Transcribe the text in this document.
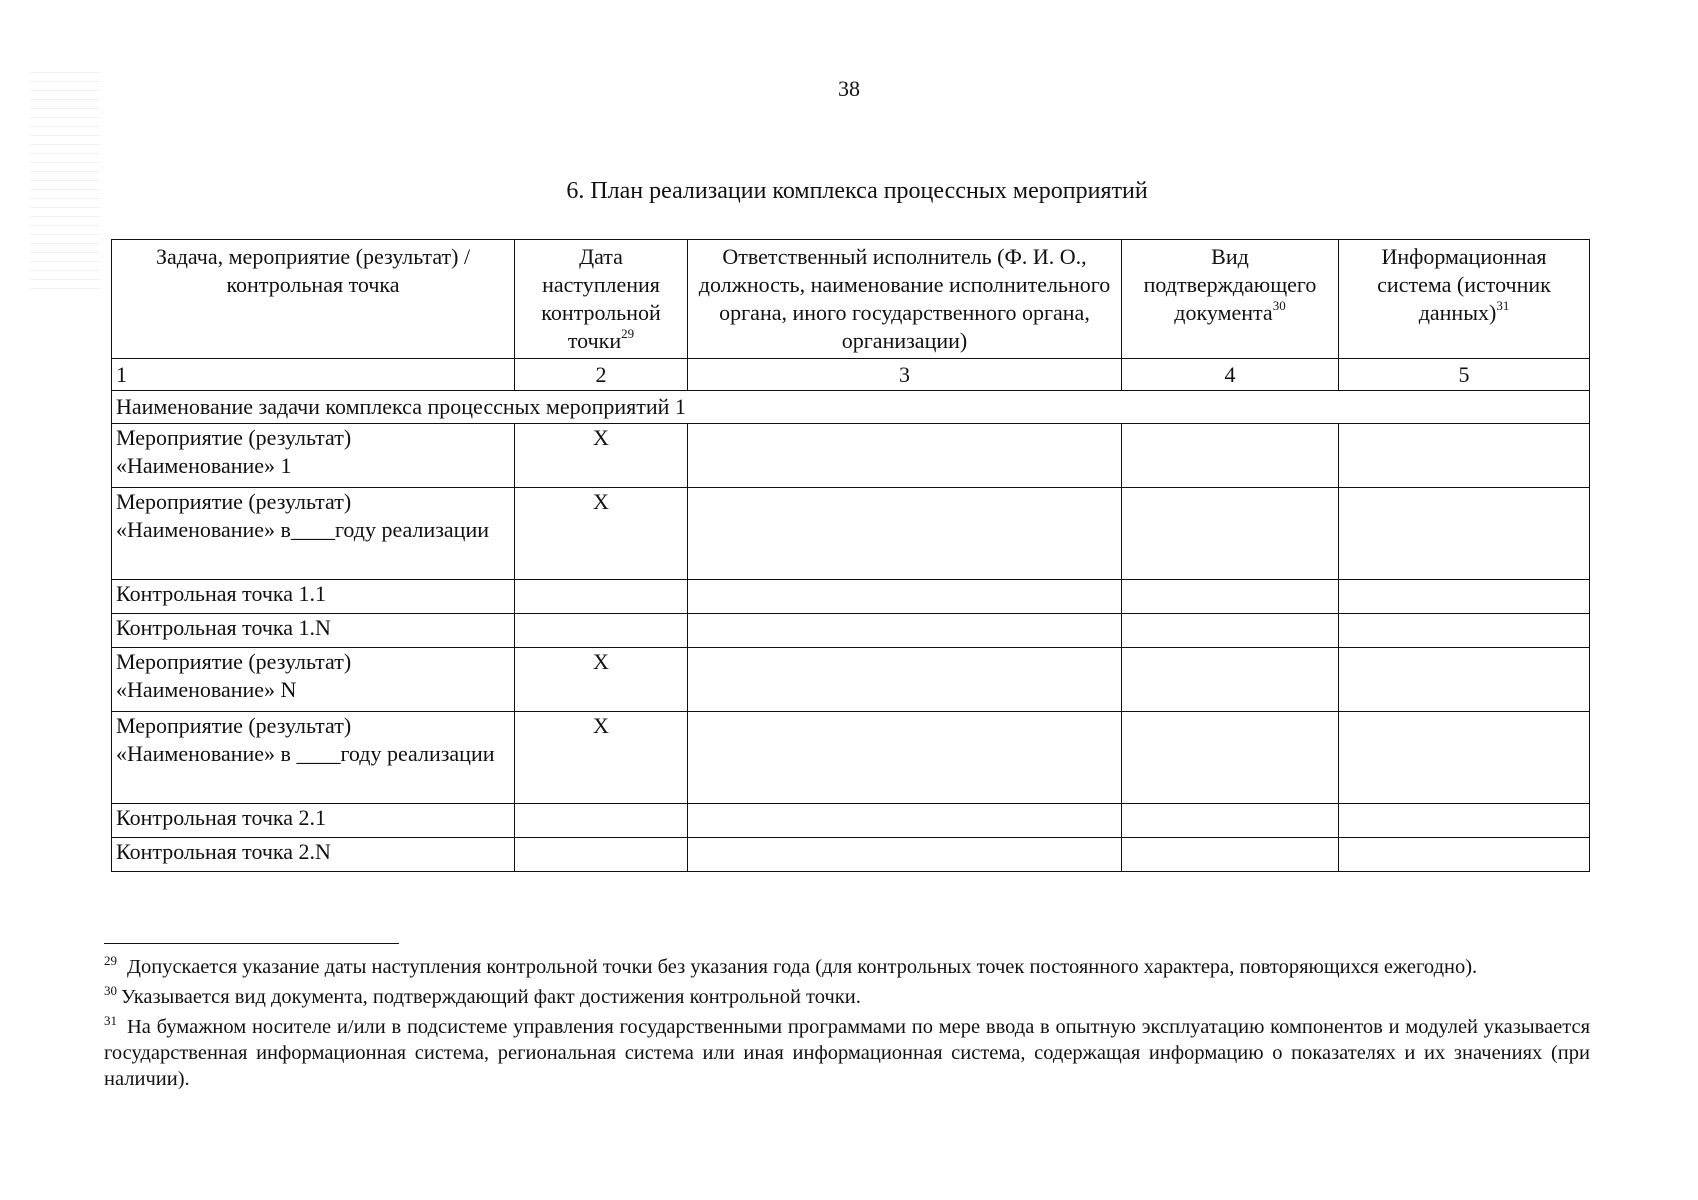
38
6. План реализации комплекса процессных мероприятий
Задача, мероприятие (результат) / контрольная точка	Дата наступления контрольной точки$^{29}$	Ответственный исполнитель (Ф. И. О., должность, наименование исполнительного органа, иного государственного органа, организации)	Вид подтверждающего документа$^{30}$	Информационная система (источник данных)$^{31}$
1	2	3	4	5
Наименование задачи комплекса процессных мероприятий 1				
Мероприятие (результат) «Наименование» 1	X			
Мероприятие (результат) «Наименование» в____году реализации	X			
Контрольная точка 1.1				
Контрольная точка 1.N				
Мероприятие (результат) «Наименование» N	X			
Мероприятие (результат) «Наименование» в ____году реализации	X			
Контрольная точка 2.1				
Контрольная точка 2.N				
$^{29}$ Допускается указание даты наступления контрольной точки без указания года (для контрольных точек постоянного характера, повторяющихся ежегодно).
$^{30}$ Указывается вид документа, подтверждающий факт достижения контрольной точки.
$^{31}$ На бумажном носителе и/или в подсистеме управления государственными программами по мере ввода в опытную эксплуатацию компонентов и модулей указывается государственная информационная система, региональная система или иная информационная система, содержащая информацию о показателях и их значениях (при наличии).
